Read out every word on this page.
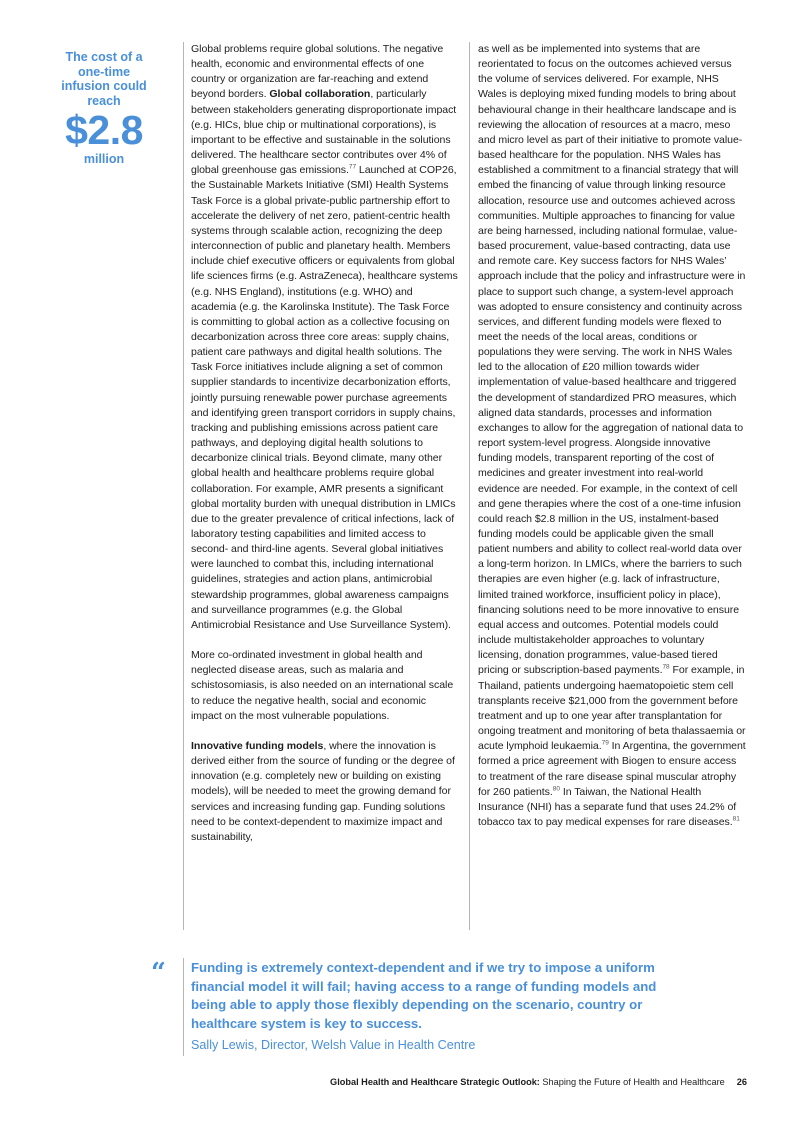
The cost of a one-time infusion could reach
$2.8
million

Global problems require global solutions. The negative health, economic and environmental effects of one country or organization are far-reaching and extend beyond borders. Global collaboration, particularly between stakeholders generating disproportionate impact (e.g. HICs, blue chip or multinational corporations), is important to be effective and sustainable in the solutions delivered. The healthcare sector contributes over 4% of global greenhouse gas emissions.$^{77}$ Launched at COP26, the Sustainable Markets Initiative (SMI) Health Systems Task Force is a global private-public partnership effort to accelerate the delivery of net zero, patient-centric health systems through scalable action, recognizing the deep interconnection of public and planetary health. Members include chief executive officers or equivalents from global life sciences firms (e.g. AstraZeneca), healthcare systems (e.g. NHS England), institutions (e.g. WHO) and academia (e.g. the Karolinska Institute). The Task Force is committing to global action as a collective focusing on decarbonization across three core areas: supply chains, patient care pathways and digital health solutions. The Task Force initiatives include aligning a set of common supplier standards to incentivize decarbonization efforts, jointly pursuing renewable power purchase agreements and identifying green transport corridors in supply chains, tracking and publishing emissions across patient care pathways, and deploying digital health solutions to decarbonize clinical trials. Beyond climate, many other global health and healthcare problems require global collaboration. For example, AMR presents a significant global mortality burden with unequal distribution in LMICs due to the greater prevalence of critical infections, lack of laboratory testing capabilities and limited access to second- and third-line agents. Several global initiatives were launched to combat this, including international guidelines, strategies and action plans, antimicrobial stewardship programmes, global awareness campaigns and surveillance programmes (e.g. the Global Antimicrobial Resistance and Use Surveillance System).

More co-ordinated investment in global health and neglected disease areas, such as malaria and schistosomiasis, is also needed on an international scale to reduce the negative health, social and economic impact on the most vulnerable populations.

Innovative funding models, where the innovation is derived either from the source of funding or the degree of innovation (e.g. completely new or building on existing models), will be needed to meet the growing demand for services and increasing funding gap. Funding solutions need to be context-dependent to maximize impact and sustainability,

as well as be implemented into systems that are reorientated to focus on the outcomes achieved versus the volume of services delivered. For example, NHS Wales is deploying mixed funding models to bring about behavioural change in their healthcare landscape and is reviewing the allocation of resources at a macro, meso and micro level as part of their initiative to promote value-based healthcare for the population. NHS Wales has established a commitment to a financial strategy that will embed the financing of value through linking resource allocation, resource use and outcomes achieved across communities. Multiple approaches to financing for value are being harnessed, including national formulae, value-based procurement, value-based contracting, data use and remote care. Key success factors for NHS Wales’ approach include that the policy and infrastructure were in place to support such change, a system-level approach was adopted to ensure consistency and continuity across services, and different funding models were flexed to meet the needs of the local areas, conditions or populations they were serving. The work in NHS Wales led to the allocation of £20 million towards wider implementation of value-based healthcare and triggered the development of standardized PRO measures, which aligned data standards, processes and information exchanges to allow for the aggregation of national data to report system-level progress. Alongside innovative funding models, transparent reporting of the cost of medicines and greater investment into real-world evidence are needed. For example, in the context of cell and gene therapies where the cost of a one-time infusion could reach $2.8 million in the US, instalment-based funding models could be applicable given the small patient numbers and ability to collect real-world data over a long-term horizon. In LMICs, where the barriers to such therapies are even higher (e.g. lack of infrastructure, limited trained workforce, insufficient policy in place), financing solutions need to be more innovative to ensure equal access and outcomes. Potential models could include multistakeholder approaches to voluntary licensing, donation programmes, value-based tiered pricing or subscription-based payments.$^{78}$ For example, in Thailand, patients undergoing haematopoietic stem cell transplants receive $21,000 from the government before treatment and up to one year after transplantation for ongoing treatment and monitoring of beta thalassaemia or acute lymphoid leukaemia.$^{79}$ In Argentina, the government formed a price agreement with Biogen to ensure access to treatment of the rare disease spinal muscular atrophy for 260 patients.$^{80}$ In Taiwan, the National Health Insurance (NHI) has a separate fund that uses 24.2% of tobacco tax to pay medical expenses for rare diseases.$^{81}$

“ Funding is extremely context-dependent and if we try to impose a uniform financial model it will fail; having access to a range of funding models and being able to apply those flexibly depending on the scenario, country or healthcare system is key to success.

Sally Lewis, Director, Welsh Value in Health Centre
Global Health and Healthcare Strategic Outlook: Shaping the Future of Health and Healthcare 26
